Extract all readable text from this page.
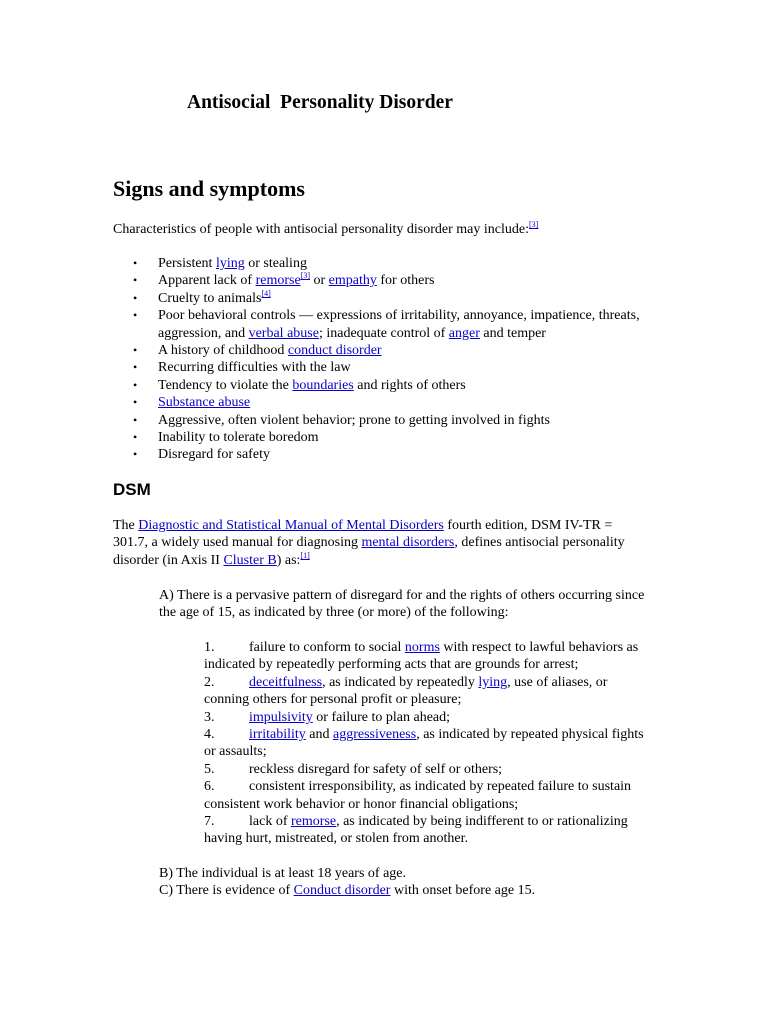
Antisocial  Personality Disorder
Signs and symptoms
Characteristics of people with antisocial personality disorder may include:[3]
• Persistent lying or stealing
• Apparent lack of remorse[3] or empathy for others
• Cruelty to animals[4]
• Poor behavioral controls — expressions of irritability, annoyance, impatience, threats, aggression, and verbal abuse; inadequate control of anger and temper
• A history of childhood conduct disorder
• Recurring difficulties with the law
• Tendency to violate the boundaries and rights of others
• Substance abuse
• Aggressive, often violent behavior; prone to getting involved in fights
• Inability to tolerate boredom
• Disregard for safety
DSM
The Diagnostic and Statistical Manual of Mental Disorders fourth edition, DSM IV-TR = 301.7, a widely used manual for diagnosing mental disorders, defines antisocial personality disorder (in Axis II Cluster B) as:[1]
A) There is a pervasive pattern of disregard for and the rights of others occurring since the age of 15, as indicated by three (or more) of the following:
1. failure to conform to social norms with respect to lawful behaviors as indicated by repeatedly performing acts that are grounds for arrest;
2. deceitfulness, as indicated by repeatedly lying, use of aliases, or conning others for personal profit or pleasure;
3. impulsivity or failure to plan ahead;
4. irritability and aggressiveness, as indicated by repeated physical fights or assaults;
5. reckless disregard for safety of self or others;
6. consistent irresponsibility, as indicated by repeated failure to sustain consistent work behavior or honor financial obligations;
7. lack of remorse, as indicated by being indifferent to or rationalizing having hurt, mistreated, or stolen from another.
B) The individual is at least 18 years of age.
C) There is evidence of Conduct disorder with onset before age 15.
